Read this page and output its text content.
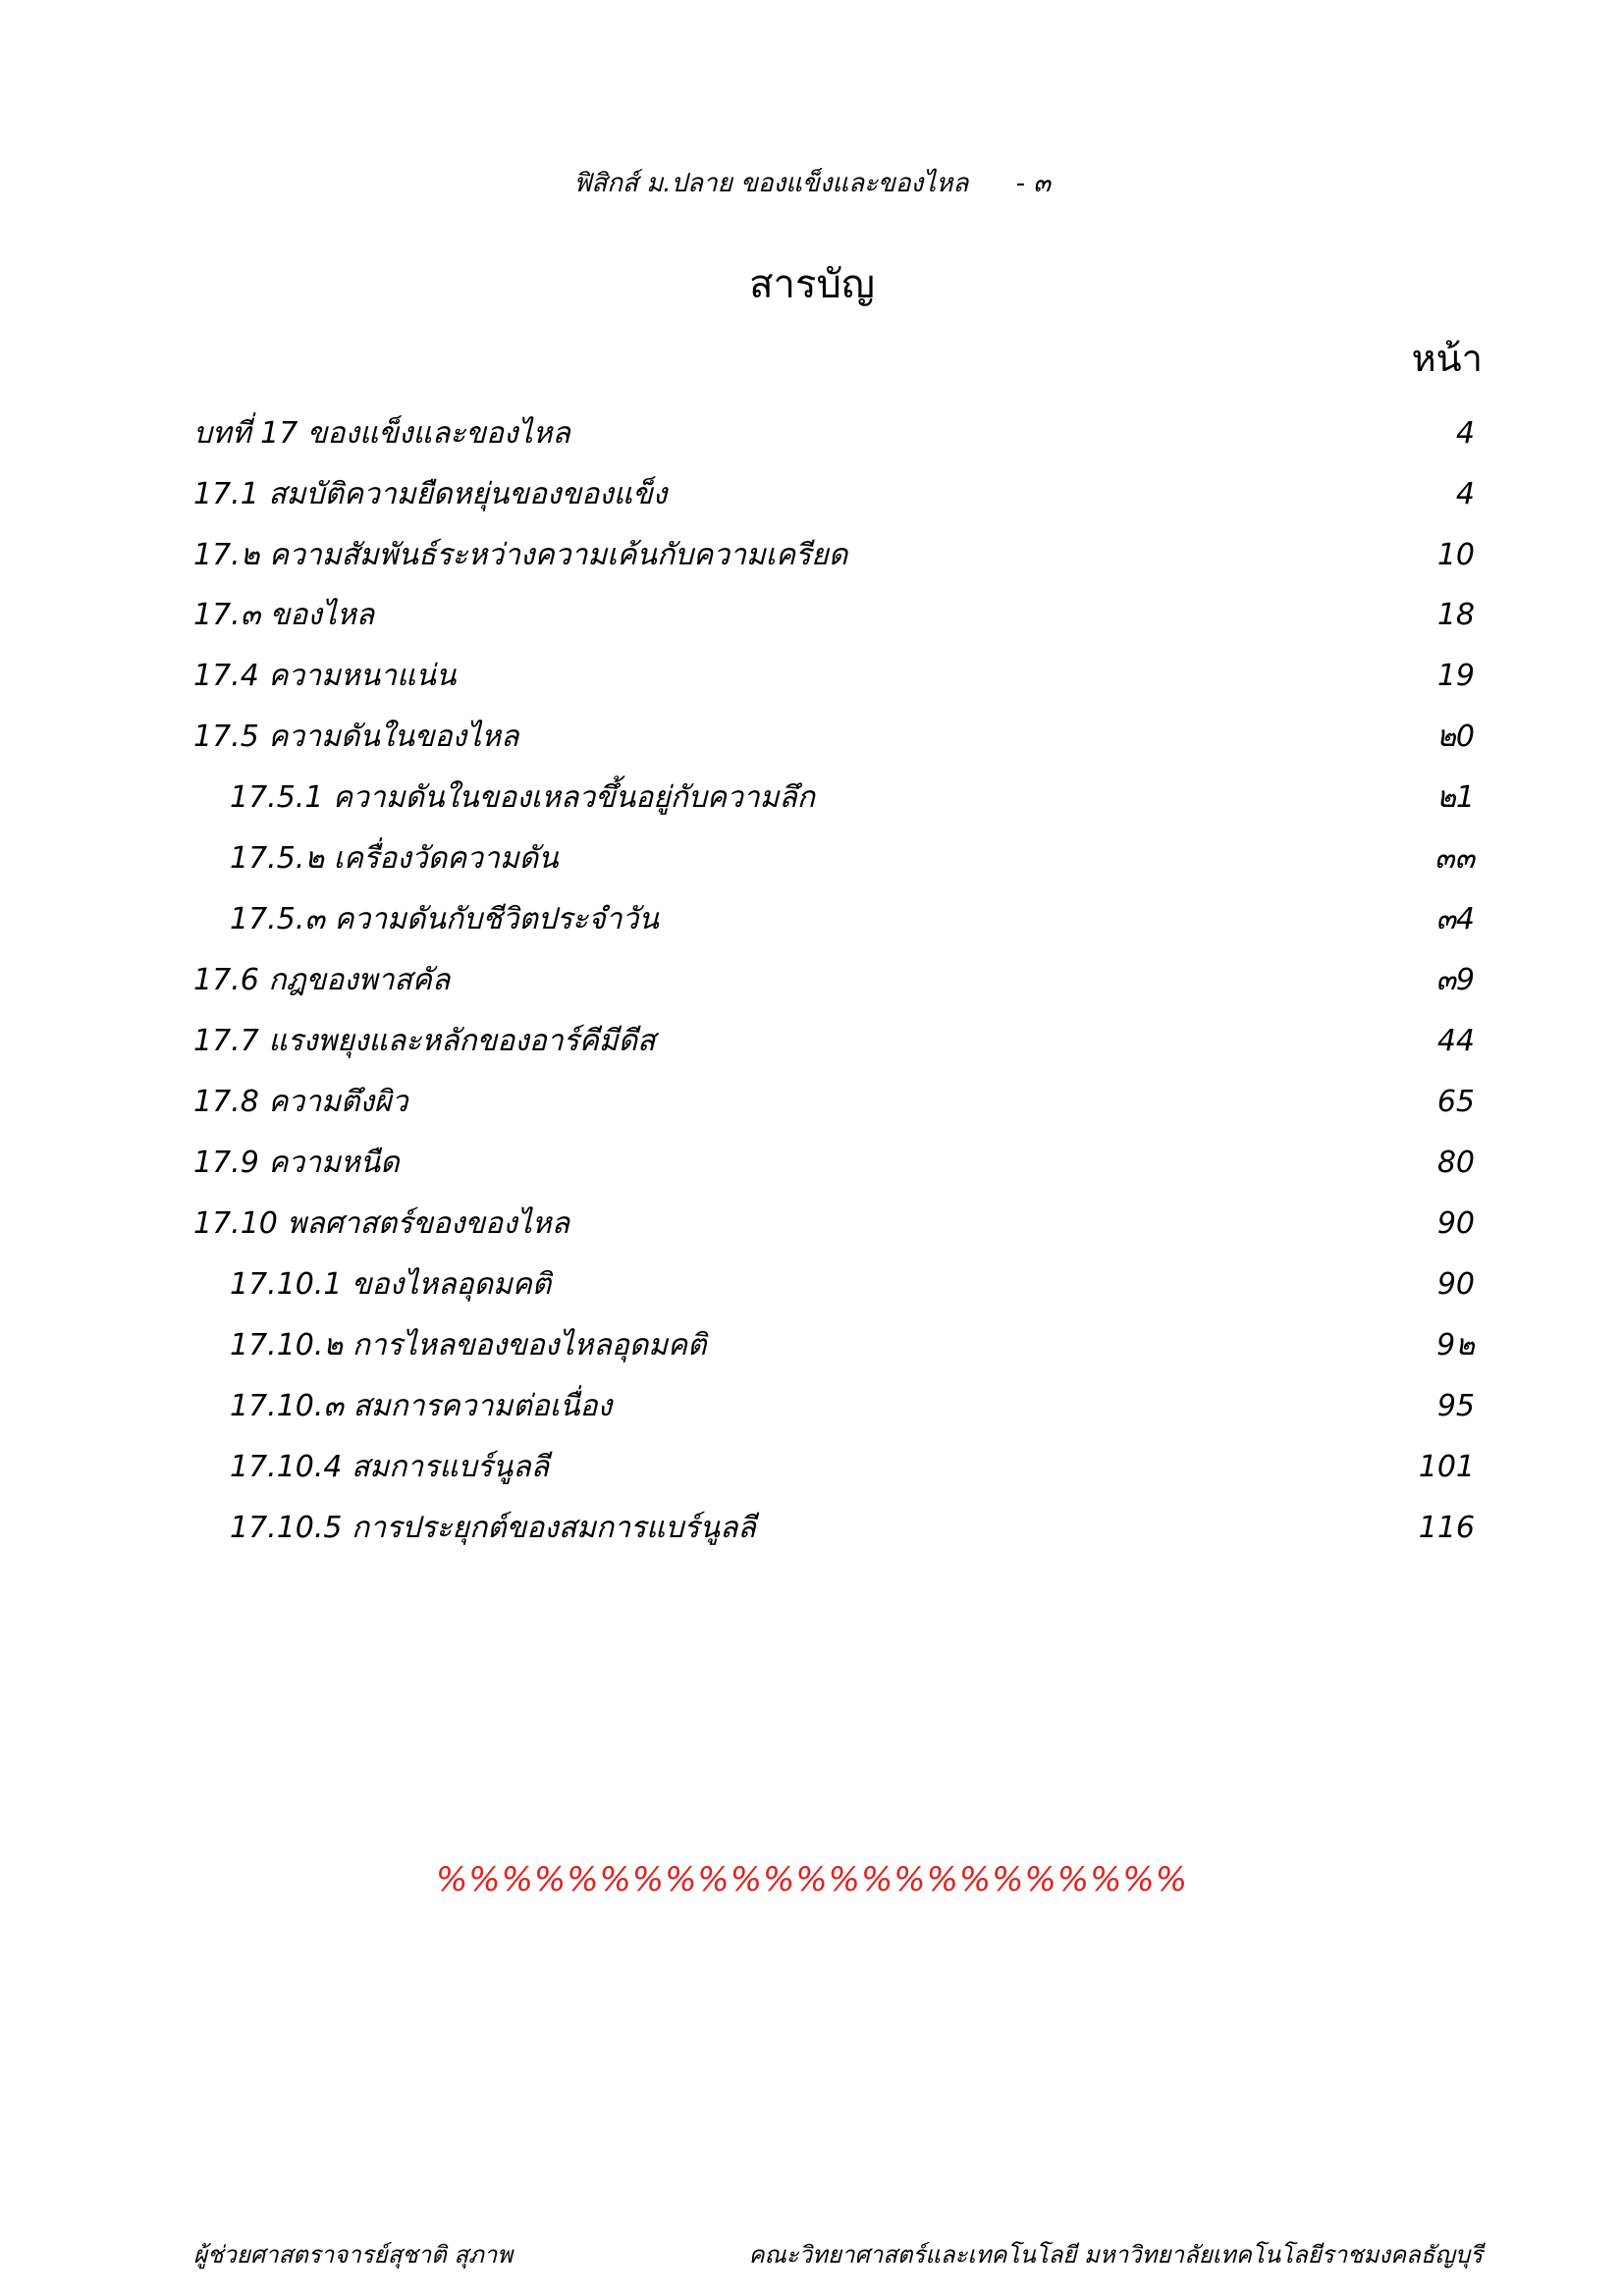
ฟิสิกส์ ม.ปลาย ของแข็งและของไหล - ๓
สารบัญ
หน้า
บทที่ 17 ของแข็งและของไหล	4
17.1 สมบัติความยืดหยุ่นของของแข็ง	4
17.๒ ความสัมพันธ์ระหว่างความเค้นกับความเครียด	10
17.๓ ของไหล	18
17.4 ความหนาแน่น	19
17.5 ความดันในของไหล	๒0
17.5.1 ความดันในของเหลวขึ้นอยู่กับความลึก	๒1
17.5.๒ เครื่องวัดความดัน	๓๓
17.5.๓ ความดันกับชีวิตประจำวัน	๓4
17.6 กฎของพาสคัล	๓9
17.7 แรงพยุงและหลักของอาร์คีมีดีส	44
17.8 ความตึงผิว	65
17.9 ความหนืด	80
17.10 พลศาสตร์ของของไหล	90
17.10.1 ของไหลอุดมคติ	90
17.10.๒ การไหลของของไหลอุดมคติ	9๒
17.10.๓ สมการความต่อเนื่อง	95
17.10.4 สมการแบร์นูลลี	101
17.10.5 การประยุกต์ของสมการแบร์นูลลี	116
%%%%%%%%%%%%%%%%%%%%%%%
ผู้ช่วยศาสตราจารย์สุชาติ สุภาพ	คณะวิทยาศาสตร์และเทคโนโลยี มหาวิทยาลัยเทคโนโลยีราชมงคลธัญบุรี
